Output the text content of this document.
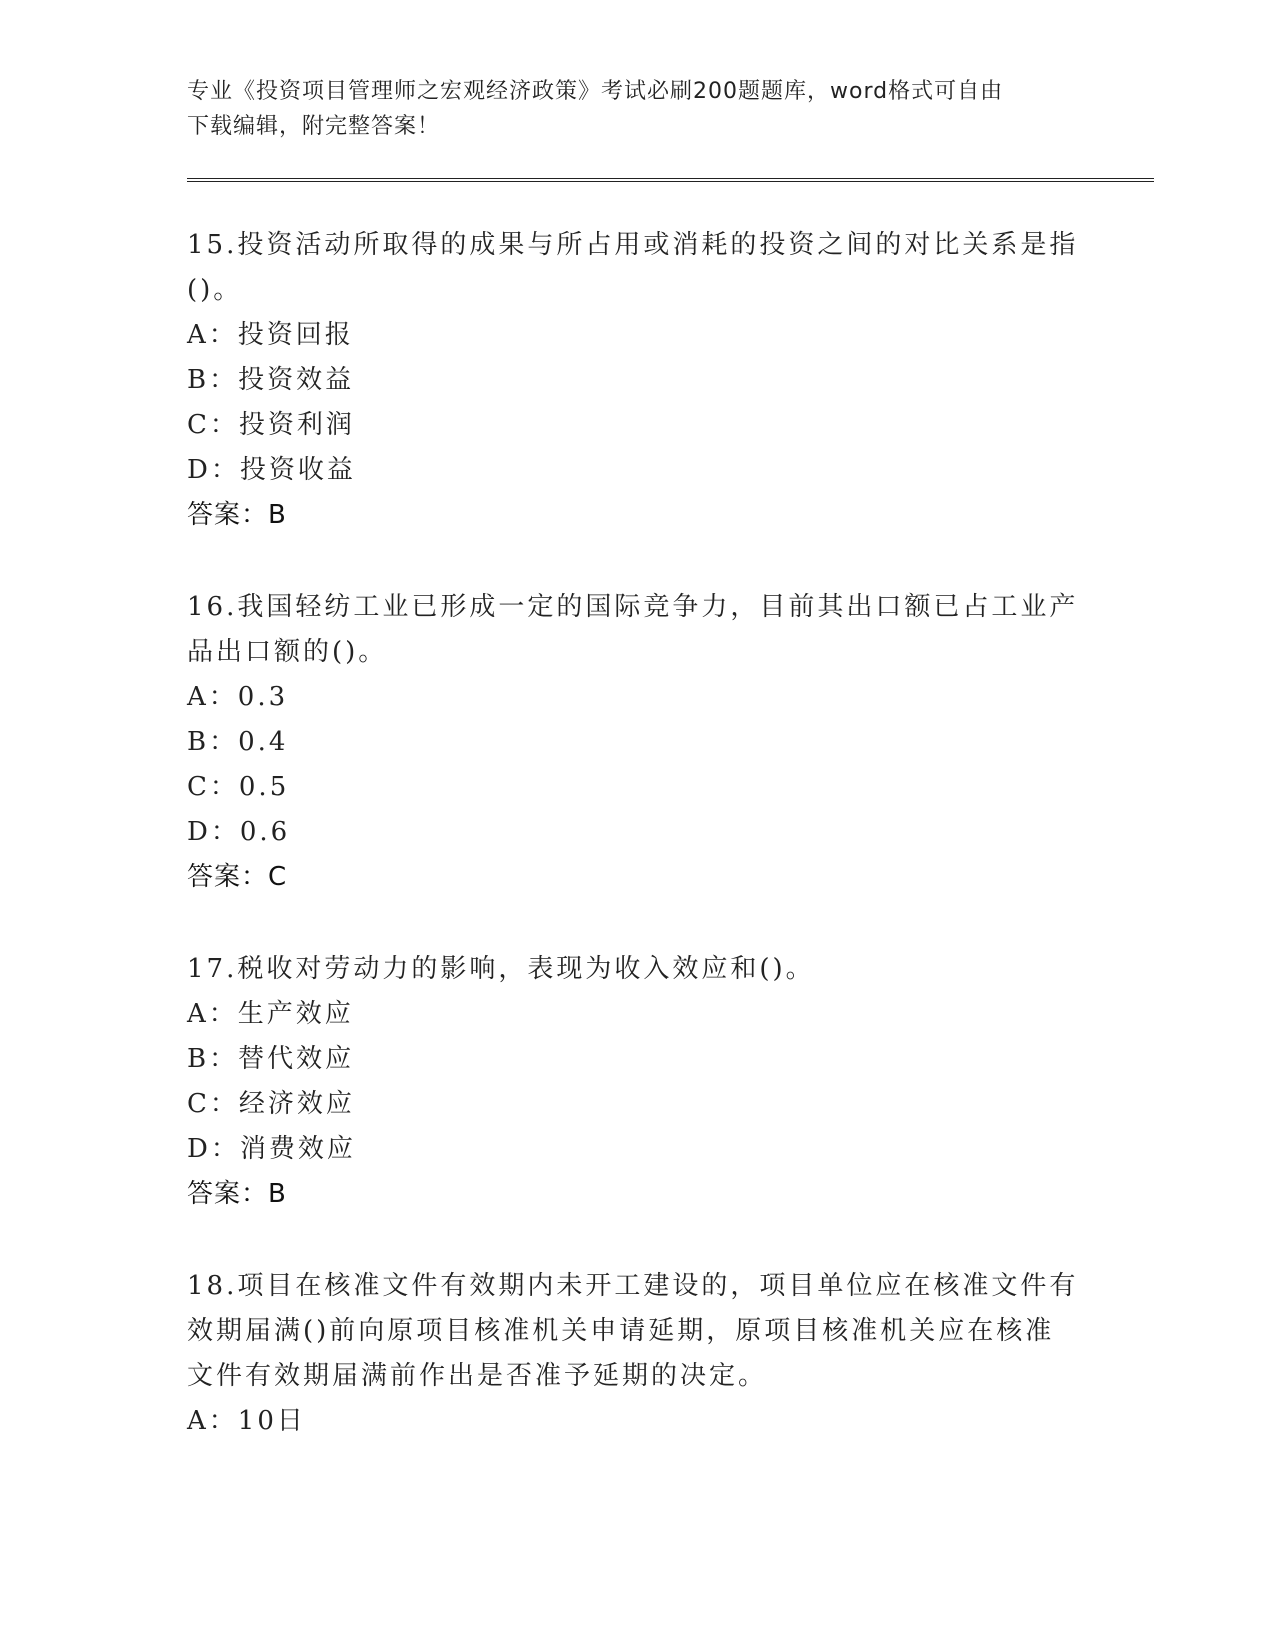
专业《投资项目管理师之宏观经济政策》考试必刷200题题库，word格式可自由
下载编辑，附完整答案！

15.投资活动所取得的成果与所占用或消耗的投资之间的对比关系是指

()。

A：投资回报

B：投资效益

C：投资利润

D：投资收益

答案：B

16.我国轻纺工业已形成一定的国际竞争力，目前其出口额已占工业产

品出口额的()。

A：0.3

B：0.4

C：0.5

D：0.6

答案：C

17.税收对劳动力的影响，表现为收入效应和()。

A：生产效应

B：替代效应

C：经济效应

D：消费效应

答案：B

18.项目在核准文件有效期内未开工建设的，项目单位应在核准文件有

效期届满()前向原项目核准机关申请延期，原项目核准机关应在核准

文件有效期届满前作出是否准予延期的决定。

A：10日
